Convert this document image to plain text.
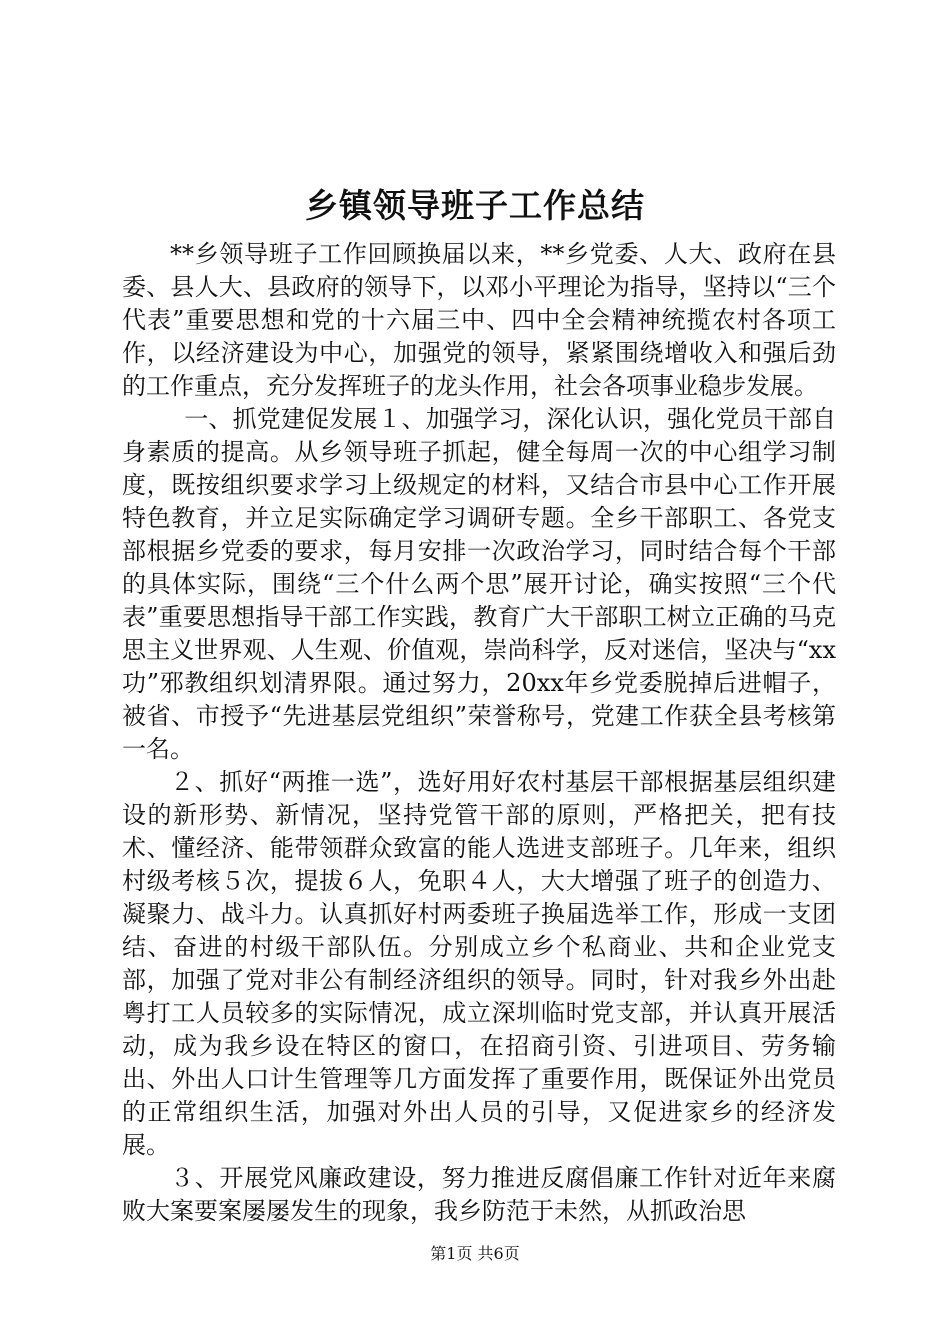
乡镇领导班子工作总结

**乡领导班子工作回顾换届以来，**乡党委、人大、政府在县委、县人大、县政府的领导下，以邓小平理论为指导，坚持以“三个代表”重要思想和党的十六届三中、四中全会精神统揽农村各项工作，以经济建设为中心，加强党的领导，紧紧围绕增收入和强后劲的工作重点，充分发挥班子的龙头作用，社会各项事业稳步发展。

一、抓党建促发展１、加强学习，深化认识，强化党员干部自身素质的提高。从乡领导班子抓起，健全每周一次的中心组学习制度，既按组织要求学习上级规定的材料，又结合市县中心工作开展特色教育，并立足实际确定学习调研专题。全乡干部职工、各党支部根据乡党委的要求，每月安排一次政治学习，同时结合每个干部的具体实际，围绕“三个什么两个思”展开讨论，确实按照“三个代表”重要思想指导干部工作实践，教育广大干部职工树立正确的马克思主义世界观、人生观、价值观，崇尚科学，反对迷信，坚决与“xx功”邪教组织划清界限。通过努力，20xx年乡党委脱掉后进帽子，被省、市授予“先进基层党组织”荣誉称号，党建工作获全县考核第一名。

２、抓好“两推一选”，选好用好农村基层干部根据基层组织建设的新形势、新情况，坚持党管干部的原则，严格把关，把有技术、懂经济、能带领群众致富的能人选进支部班子。几年来，组织村级考核５次，提拔６人，免职４人，大大增强了班子的创造力、凝聚力、战斗力。认真抓好村两委班子换届选举工作，形成一支团结、奋进的村级干部队伍。分别成立乡个私商业、共和企业党支部，加强了党对非公有制经济组织的领导。同时，针对我乡外出赴粤打工人员较多的实际情况，成立深圳临时党支部，并认真开展活动，成为我乡设在特区的窗口，在招商引资、引进项目、劳务输出、外出人口计生管理等几方面发挥了重要作用，既保证外出党员的正常组织生活，加强对外出人员的引导，又促进家乡的经济发展。

３、开展党风廉政建设，努力推进反腐倡廉工作针对近年来腐败大案要案屡屡发生的现象，我乡防范于未然，从抓政治思

第1页 共6页
